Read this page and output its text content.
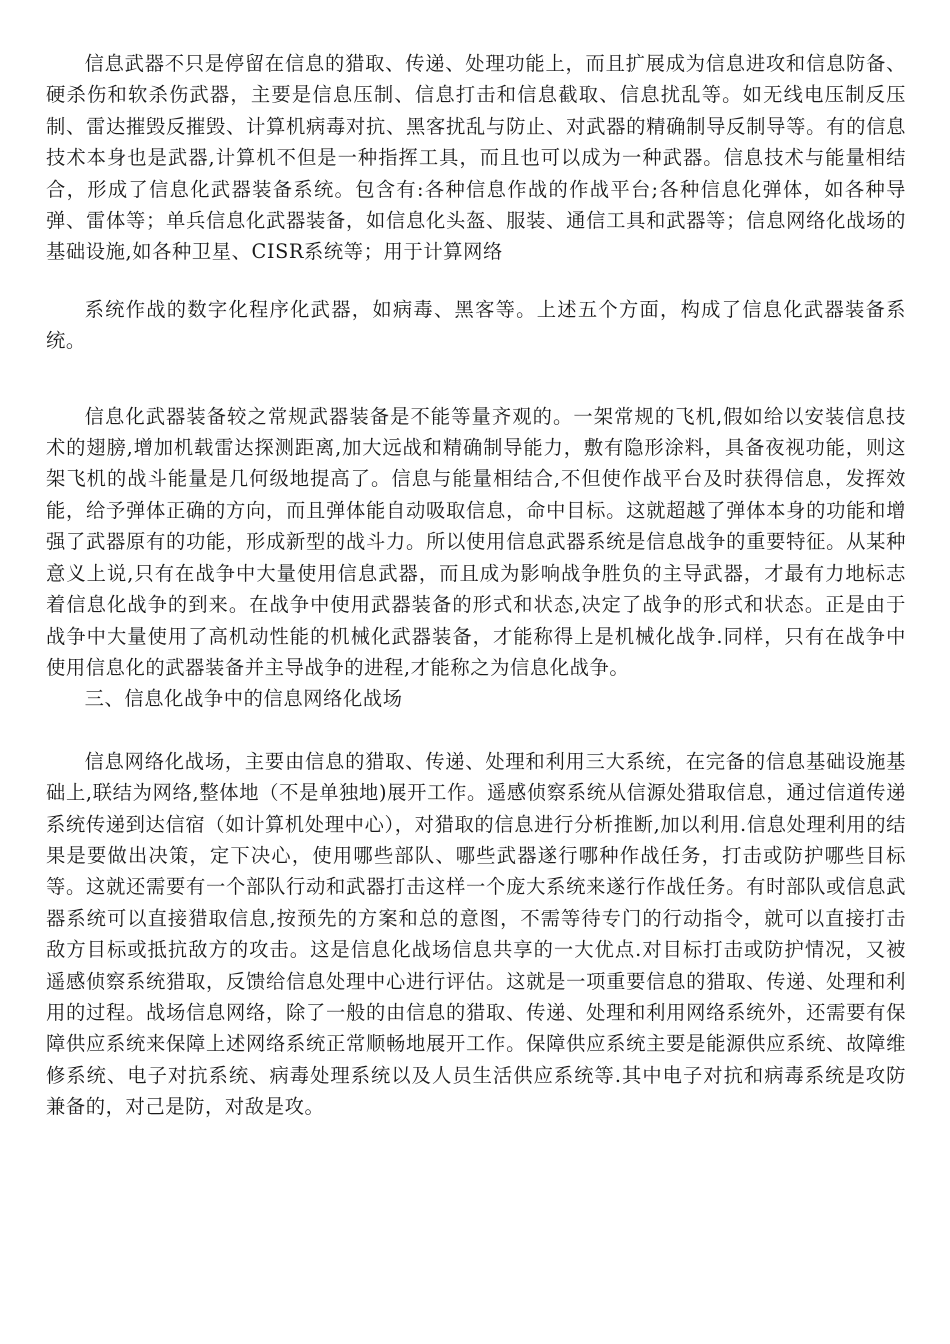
信息武器不只是停留在信息的猎取、传递、处理功能上，而且扩展成为信息进攻和信息防备、硬杀伤和软杀伤武器，主要是信息压制、信息打击和信息截取、信息扰乱等。如无线电压制反压制、雷达摧毁反摧毁、计算机病毒对抗、黑客扰乱与防止、对武器的精确制导反制导等。有的信息技术本身也是武器,计算机不但是一种指挥工具，而且也可以成为一种武器。信息技术与能量相结合，形成了信息化武器装备系统。包含有:各种信息作战的作战平台;各种信息化弹体，如各种导弹、雷体等；单兵信息化武器装备，如信息化头盔、服装、通信工具和武器等；信息网络化战场的基础设施,如各种卫星、CISR系统等；用于计算网络

系统作战的数字化程序化武器，如病毒、黑客等。上述五个方面，构成了信息化武器装备系统。

信息化武器装备较之常规武器装备是不能等量齐观的。一架常规的飞机,假如给以安装信息技术的翅膀,增加机载雷达探测距离,加大远战和精确制导能力，敷有隐形涂料，具备夜视功能，则这架飞机的战斗能量是几何级地提高了。信息与能量相结合,不但使作战平台及时获得信息，发挥效能，给予弹体正确的方向，而且弹体能自动吸取信息，命中目标。这就超越了弹体本身的功能和增强了武器原有的功能，形成新型的战斗力。所以使用信息武器系统是信息战争的重要特征。从某种意义上说,只有在战争中大量使用信息武器，而且成为影响战争胜负的主导武器，才最有力地标志着信息化战争的到来。在战争中使用武器装备的形式和状态,决定了战争的形式和状态。正是由于战争中大量使用了高机动性能的机械化武器装备，才能称得上是机械化战争.同样，只有在战争中使用信息化的武器装备并主导战争的进程,才能称之为信息化战争。

三、信息化战争中的信息网络化战场

信息网络化战场，主要由信息的猎取、传递、处理和利用三大系统，在完备的信息基础设施基础上,联结为网络,整体地（不是单独地)展开工作。遥感侦察系统从信源处猎取信息，通过信道传递系统传递到达信宿（如计算机处理中心），对猎取的信息进行分析推断,加以利用.信息处理利用的结果是要做出决策，定下决心，使用哪些部队、哪些武器遂行哪种作战任务，打击或防护哪些目标等。这就还需要有一个部队行动和武器打击这样一个庞大系统来遂行作战任务。有时部队或信息武器系统可以直接猎取信息,按预先的方案和总的意图，不需等待专门的行动指令，就可以直接打击敌方目标或抵抗敌方的攻击。这是信息化战场信息共享的一大优点.对目标打击或防护情况，又被遥感侦察系统猎取，反馈给信息处理中心进行评估。这就是一项重要信息的猎取、传递、处理和利用的过程。战场信息网络，除了一般的由信息的猎取、传递、处理和利用网络系统外，还需要有保障供应系统来保障上述网络系统正常顺畅地展开工作。保障供应系统主要是能源供应系统、故障维修系统、电子对抗系统、病毒处理系统以及人员生活供应系统等.其中电子对抗和病毒系统是攻防兼备的，对己是防，对敌是攻。
